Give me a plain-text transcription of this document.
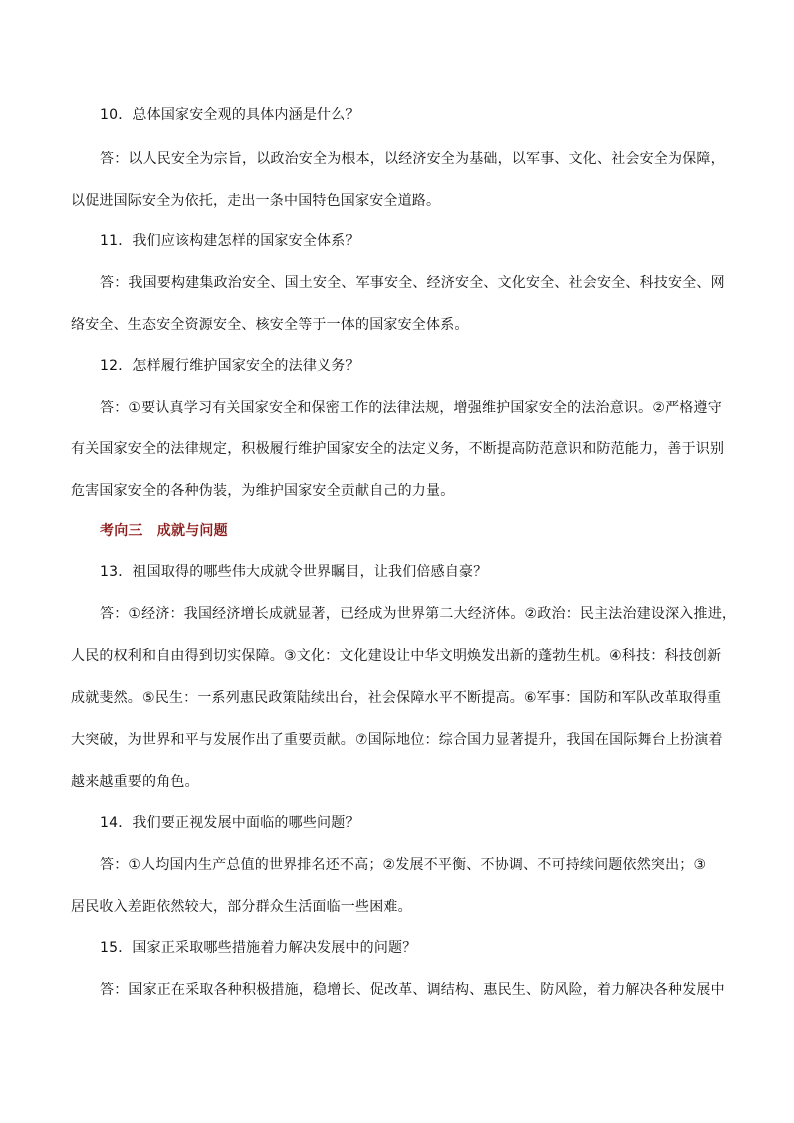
10．总体国家安全观的具体内涵是什么？
答：以人民安全为宗旨，以政治安全为根本，以经济安全为基础，以军事、文化、社会安全为保障，
以促进国际安全为依托，走出一条中国特色国家安全道路。
11．我们应该构建怎样的国家安全体系？
答：我国要构建集政治安全、国土安全、军事安全、经济安全、文化安全、社会安全、科技安全、网
络安全、生态安全资源安全、核安全等于一体的国家安全体系。
12．怎样履行维护国家安全的法律义务？
答：①要认真学习有关国家安全和保密工作的法律法规，增强维护国家安全的法治意识。②严格遵守
有关国家安全的法律规定，积极履行维护国家安全的法定义务，不断提高防范意识和防范能力，善于识别
危害国家安全的各种伪装，为维护国家安全贡献自己的力量。
考向三　成就与问题
13．祖国取得的哪些伟大成就令世界瞩目，让我们倍感自豪？
答：①经济：我国经济增长成就显著，已经成为世界第二大经济体。②政治：民主法治建设深入推进，
人民的权利和自由得到切实保障。③文化：文化建设让中华文明焕发出新的蓬勃生机。④科技：科技创新
成就斐然。⑤民生：一系列惠民政策陆续出台，社会保障水平不断提高。⑥军事：国防和军队改革取得重
大突破，为世界和平与发展作出了重要贡献。⑦国际地位：综合国力显著提升，我国在国际舞台上扮演着
越来越重要的角色。
14．我们要正视发展中面临的哪些问题？
答：①人均国内生产总值的世界排名还不高；②发展不平衡、不协调、不可持续问题依然突出；③
居民收入差距依然较大，部分群众生活面临一些困难。
15．国家正采取哪些措施着力解决发展中的问题？
答：国家正在采取各种积极措施，稳增长、促改革、调结构、惠民生、防风险，着力解决各种发展中
